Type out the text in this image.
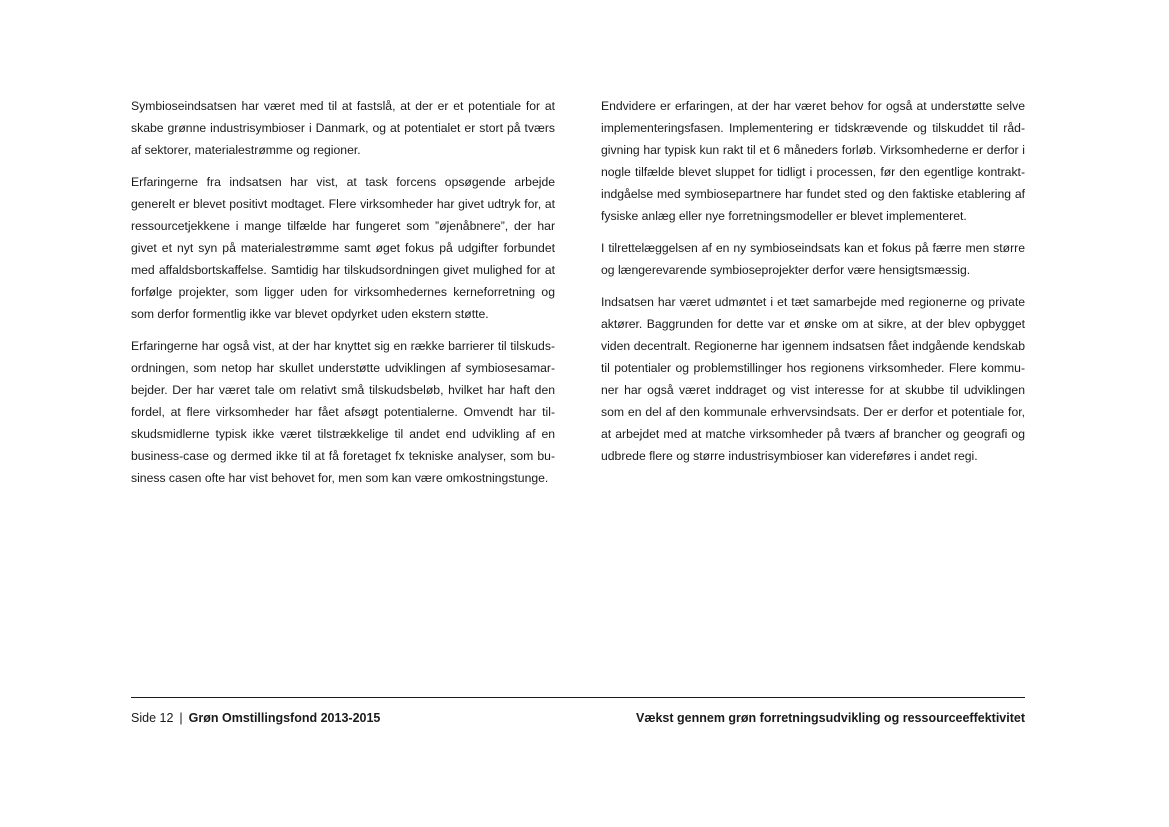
Symbioseindsatsen har været med til at fastslå, at der er et potentiale for at skabe grønne industrisymbioser i Danmark, og at potentialet er stort på tværs af sektorer, materialestrømme og regioner.

Erfaringerne fra indsatsen har vist, at task forcens opsøgende arbejde generelt er blevet positivt modtaget. Flere virksomheder har givet udtryk for, at ressourcetjekkene i mange tilfælde har fungeret som ”øjenåbnere”, der har givet et nyt syn på materialestrømme samt øget fokus på udgifter forbundet med affaldsbortskaffelse. Samtidig har tilskudsordningen givet mulighed for at forfølge projekter, som ligger uden for virksomhedernes kerneforretning og som derfor formentlig ikke var blevet opdyrket uden ekstern støtte.

Erfaringerne har også vist, at der har knyttet sig en række barrierer til tilskudsordningen, som netop har skullet understøtte udviklingen af symbiosesamarbejder. Der har været tale om relativt små tilskudsbeløb, hvilket har haft den fordel, at flere virksomheder har fået afsøgt potentialerne. Omvendt har tilskudsmidlerne typisk ikke været tilstrækkelige til andet end udvikling af en business-case og dermed ikke til at få foretaget fx tekniske analyser, som business casen ofte har vist behovet for, men som kan være omkostningstunge.

Endvidere er erfaringen, at der har været behov for også at understøtte selve implementeringsfasen. Implementering er tidskrævende og tilskuddet til rådgivning har typisk kun rakt til et 6 måneders forløb. Virksomhederne er derfor i nogle tilfælde blevet sluppet for tidligt i processen, før den egentlige kontraktindgåelse med symbiosepartnere har fundet sted og den faktiske etablering af fysiske anlæg eller nye forretningsmodeller er blevet implementeret.

I tilrettelæggelsen af en ny symbioseindsats kan et fokus på færre men større og længerevarende symbioseprojekter derfor være hensigtsmæssig.

Indsatsen har været udmøntet i et tæt samarbejde med regionerne og private aktører. Baggrunden for dette var et ønske om at sikre, at der blev opbygget viden decentralt. Regionerne har igennem indsatsen fået indgående kendskab til potentialer og problemstillinger hos regionens virksomheder. Flere kommuner har også været inddraget og vist interesse for at skubbe til udviklingen som en del af den kommunale erhvervsindsats. Der er derfor et potentiale for, at arbejdet med at matche virksomheder på tværs af brancher og geografi og udbrede flere og større industrisymbioser kan videreføres i andet regi.

Side 12 | Grøn Omstillingsfond 2013-2015	Vækst gennem grøn forretningsudvikling og ressourceeffektivitet
